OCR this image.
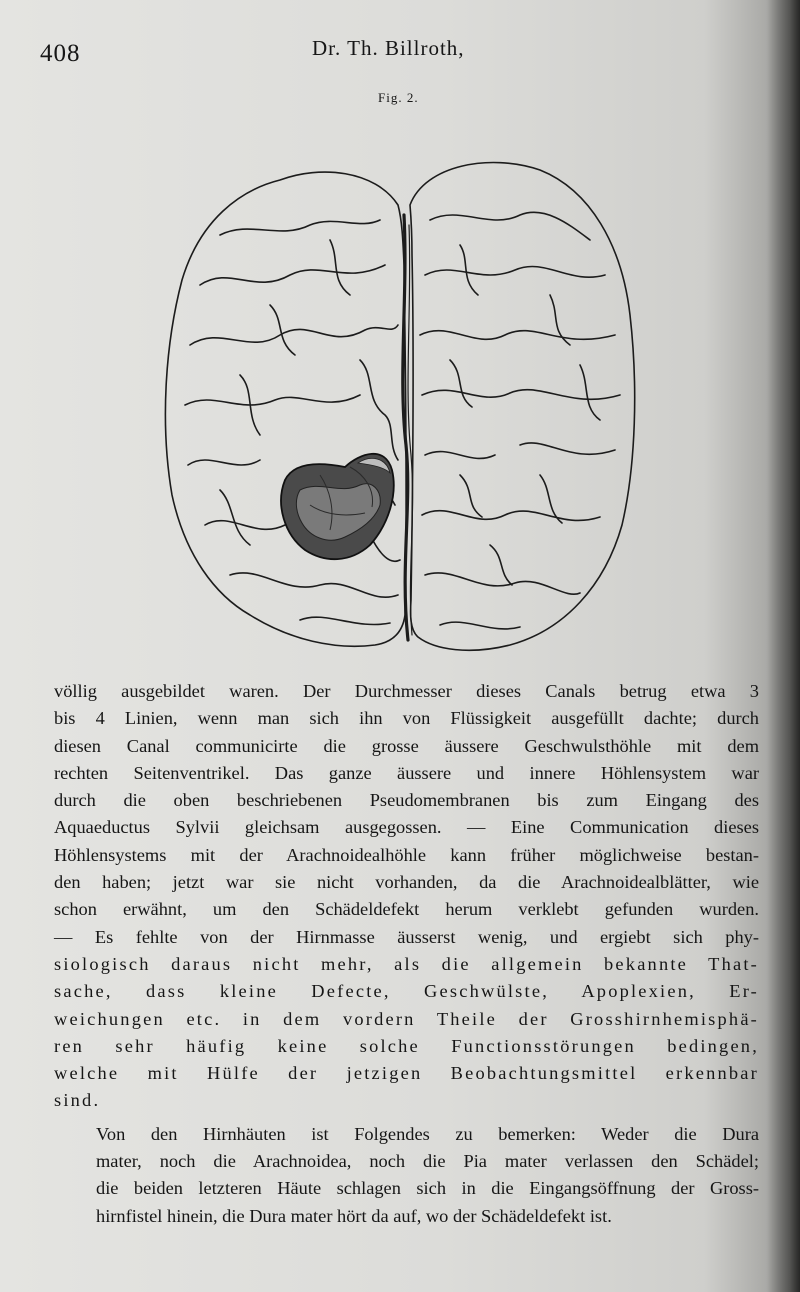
408	Dr. Th. Billroth,
Fig. 2.

völlig ausgebildet waren. Der Durchmesser dieses Canals betrug etwa 3
bis 4 Linien, wenn man sich ihn von Flüssigkeit ausgefüllt dachte; durch
diesen Canal communicirte die grosse äussere Geschwulsthöhle mit dem
rechten Seitenventrikel. Das ganze äussere und innere Höhlensystem war
durch die oben beschriebenen Pseudomembranen bis zum Eingang des
Aquaeductus Sylvii gleichsam ausgegossen. — Eine Communication dieses
Höhlensystems mit der Arachnoidealhöhle kann früher möglichweise bestan-
den haben; jetzt war sie nicht vorhanden, da die Arachnoidealblätter, wie
schon erwähnt, um den Schädeldefekt herum verklebt gefunden wurden.
— Es fehlte von der Hirnmasse äusserst wenig, und ergiebt sich phy-
siologisch daraus nicht mehr, als die allgemein bekannte That-
sache, dass kleine Defecte, Geschwülste, Apoplexien, Er-
weichungen etc. in dem vordern Theile der Grosshirnhemisphä-
ren sehr häufig keine solche Functionsstörungen bedingen,
welche mit Hülfe der jetzigen Beobachtungsmittel erkennbar
sind.

Von den Hirnhäuten ist Folgendes zu bemerken: Weder die Dura
mater, noch die Arachnoidea, noch die Pia mater verlassen den Schädel;
die beiden letzteren Häute schlagen sich in die Eingangsöffnung der Gross-
hirnfistel hinein, die Dura mater hört da auf, wo der Schädeldefekt ist.
